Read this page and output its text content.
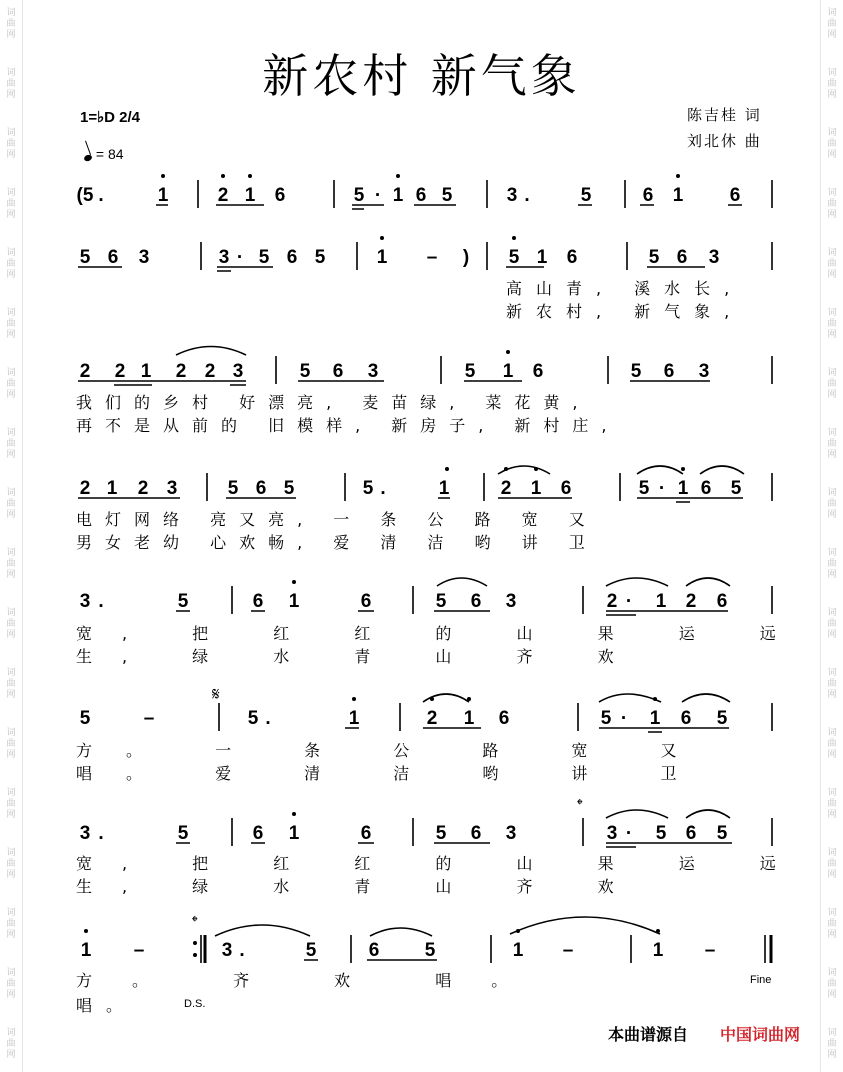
词
曲
网
词
曲
网
词
曲
网
词
曲
网
词
曲
网
词
曲
网
词
曲
网
词
曲
网
词
曲
网
词
曲
网
词
曲
网
词
曲
网
词
曲
网
词
曲
网
词
曲
网
词
曲
网
词
曲
网
词
曲
网
词
曲
网
词
曲
网
词
曲
网
词
曲
网
词
曲
网
词
曲
网
词
曲
网
词
曲
网
词
曲
网
词
曲
网
词
曲
网
词
曲
网
词
曲
网
词
曲
网
词
曲
网
词
曲
网
词
曲
网
词
曲
网
新农村 新气象
1=♭D 2/4
= 84
陈吉桂 词
刘北休 曲
(5 .	1	2 1 6	5 · 1 6 5	3 .	5	6 1 6
5 6 3	3 · 5 6 5	1 – ) 5 1 6	5 6 3
2 2 1 2 2 3	5 6 3	5 1 6	5 6 3
2 1 2 3	5 6 5	5 .	1	2 1 6	5 · 1 6 5
3 .	5	6 1	6	5 6 3	2 · 1 2 6
5	–	5 .	1	2 1 6	5 · 1 6 5
3 .	5	6 1	6	5 6 3	3 · 5 6 5
1 –	3 .	5	6 5	1 –	1 –
𝄋
𝄌
𝄌
Fine
D.S.
高山青, 溪水长,
新农村, 新气象,
我们的乡村 好漂亮, 麦苗绿, 菜花黄,
再不是从前的 旧模样, 新房子, 新村庄,
电灯网络 亮又亮, 一 条 公 路 宽 又
男女老幼 心欢畅, 爱 清 洁 哟 讲 卫
宽, 把 红 红 的 山 果 运 远
生, 绿 水 青 山 齐 欢
方。 一 条 公 路 宽 又
唱。 爱 清 洁 哟 讲 卫
宽, 把 红 红 的 山 果 运 远
生, 绿 水 青 山 齐 欢
方。 齐 欢 唱。
唱。
本曲谱源自 中国词曲网
